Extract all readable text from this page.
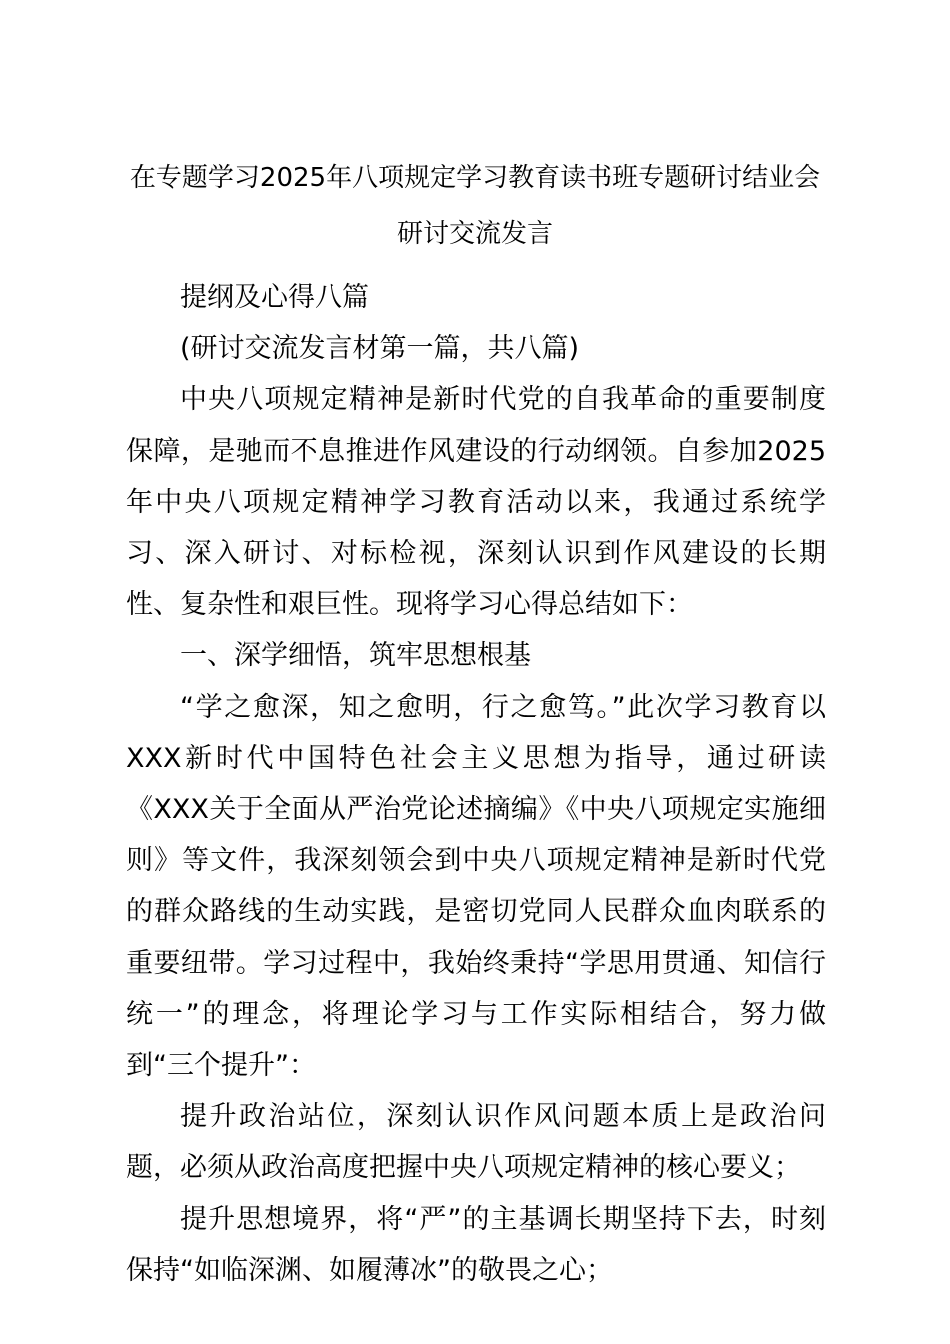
在专题学习2025年八项规定学习教育读书班专题研讨结业会研讨交流发言

提纲及心得八篇

(研讨交流发言材第一篇，共八篇)

中央八项规定精神是新时代党的自我革命的重要制度保障，是驰而不息推进作风建设的行动纲领。自参加2025年中央八项规定精神学习教育活动以来，我通过系统学习、深入研讨、对标检视，深刻认识到作风建设的长期性、复杂性和艰巨性。现将学习心得总结如下：

一、深学细悟，筑牢思想根基

“学之愈深，知之愈明，行之愈笃。”此次学习教育以XXX新时代中国特色社会主义思想为指导，通过研读《XXX关于全面从严治党论述摘编》《中央八项规定实施细则》等文件，我深刻领会到中央八项规定精神是新时代党的群众路线的生动实践，是密切党同人民群众血肉联系的重要纽带。学习过程中，我始终秉持“学思用贯通、知信行统一”的理念，将理论学习与工作实际相结合，努力做到“三个提升”：

提升政治站位，深刻认识作风问题本质上是政治问题，必须从政治高度把握中央八项规定精神的核心要义；

提升思想境界，将“严”的主基调长期坚持下去，时刻保持“如临深渊、如履薄冰”的敬畏之心；
